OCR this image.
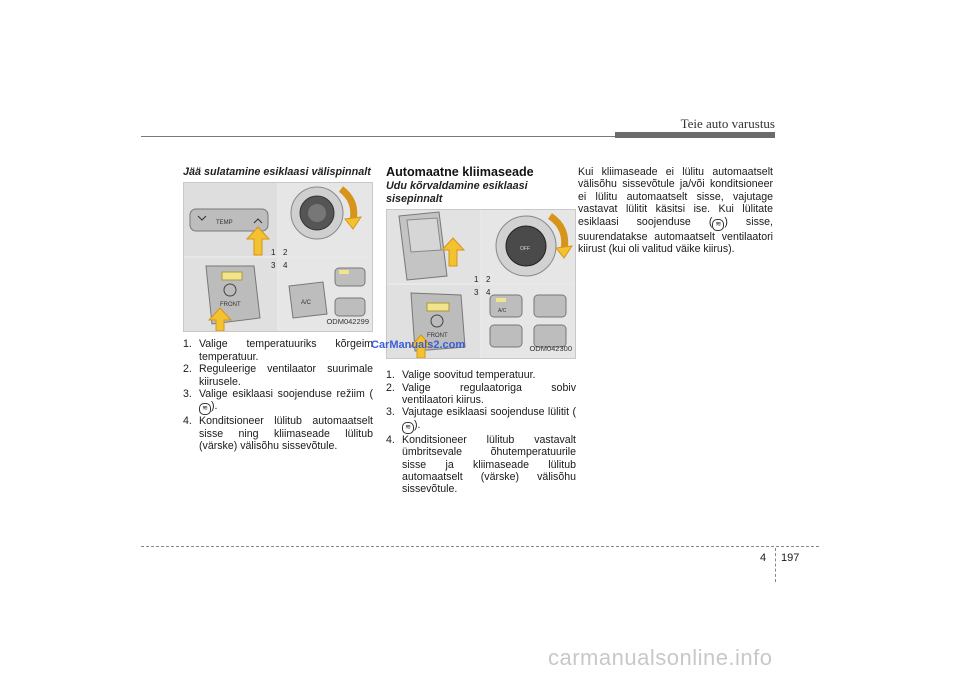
Teie auto varustus
Jää sulatamine esiklaasi välispinnalt
TEMP
FRONT	A/C
1 2
3 4
ODM042299
1. Valige temperatuuriks kõrgeim temperatuur.
2. Reguleerige ventilaator suurimale kiirusele.
3. Valige esiklaasi soojenduse režiim (≋ ).
4. Konditsioneer lülitub automaatselt sisse ning kliimaseade lülitub (värske) välisõhu sissevõtule.
Automaatne kliimaseade
Udu kõrvaldamine esiklaasi sisepinnalt
OFF
FRONT
A/C
1 2
3 4
CarManuals2.com	ODM042300
1. Valige soovitud temperatuur.
2. Valige regulaatoriga sobiv ventilaatori kiirus.
3. Vajutage esiklaasi soojenduse lülitit (≋ ).
4. Konditsioneer lülitub vastavalt ümbritsevale õhutemperatuurile sisse ja kliimaseade lülitub automaatselt (värske) välisõhu sissevõtule.

Kui kliimaseade ei lülitu automaatselt välisõhu sissevõtule ja/või konditsioneer ei lülitu automaatselt sisse, vajutage vastavat lülitit käsitsi ise. Kui lülitate esiklaasi soojenduse ( ≋ ) sisse, suurendatakse automaatselt ventilaatori kiirust (kui oli valitud väike kiirus).

4 197
carmanualsonline.info
